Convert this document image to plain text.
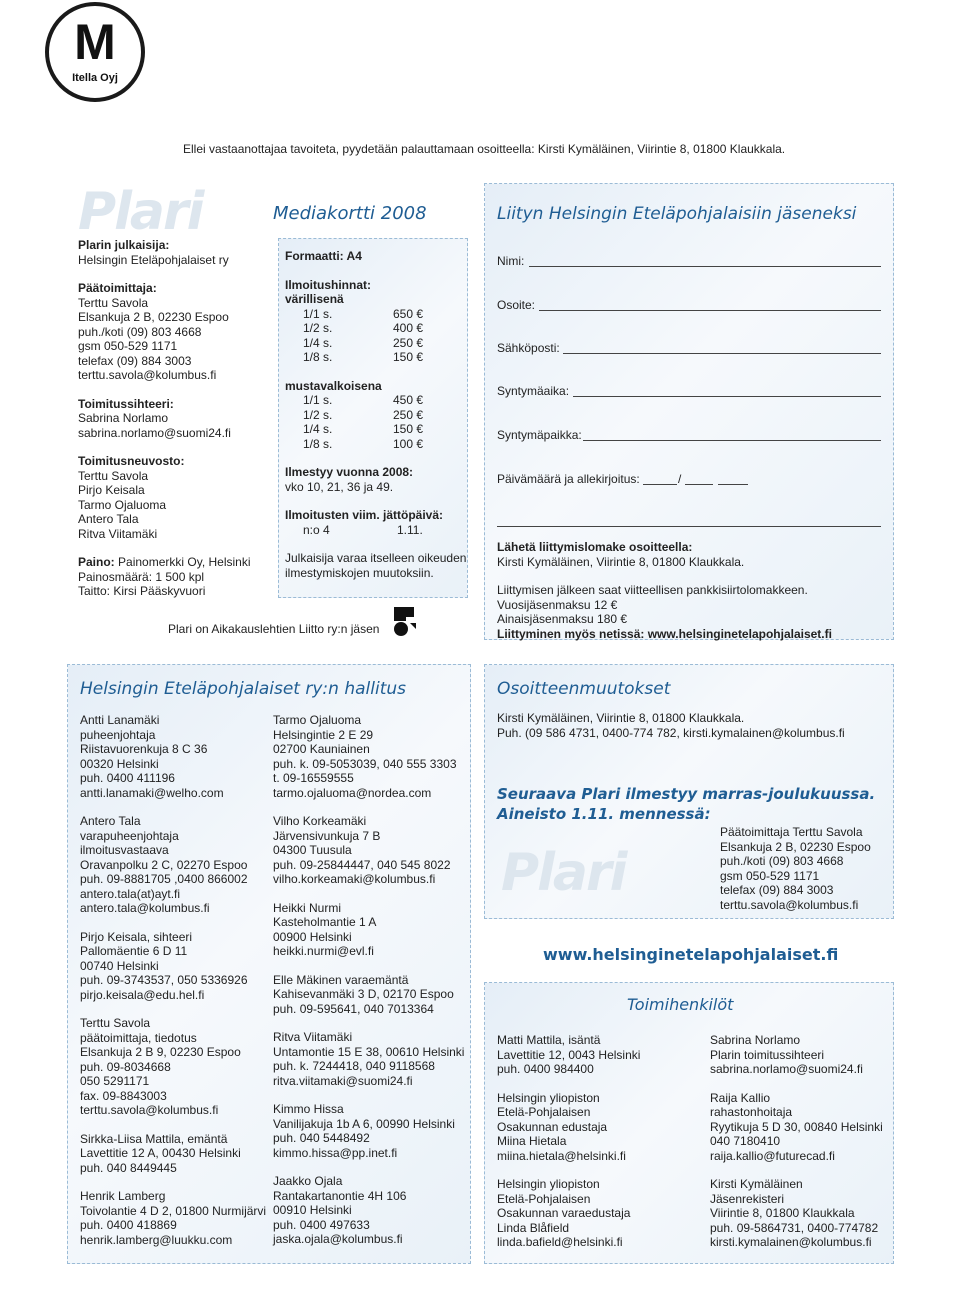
M
Itella Oyj
Ellei vastaanottajaa tavoiteta, pyydetään palauttamaan osoitteella: Kirsti Kymäläinen, Viirintie 8, 01800 Klaukkala.
Plari
Plarin julkaisija:
Helsingin Eteläpohjalaiset ry
Päätoimittaja:
Terttu Savola
Elsankuja 2 B, 02230 Espoo
puh./koti (09) 803 4668
gsm 050-529 1171
telefax (09) 884 3003
terttu.savola@kolumbus.fi
Toimitussihteeri:
Sabrina Norlamo
sabrina.norlamo@suomi24.fi
Toimitusneuvosto:
Terttu Savola
Pirjo Keisala
Tarmo Ojaluoma
Antero Tala
Ritva Viitamäki
Paino: Painomerkki Oy, Helsinki
Painosmäärä: 1 500 kpl
Taitto: Kirsi Pääskyvuori
Mediakortti 2008
Formaatti: A4
Ilmoitushinnat:
värillisenä
1/1 s.	650 €
1/2 s.	400 €
1/4 s.	250 €
1/8 s.	150 €
mustavalkoisena
1/1 s.	450 €
1/2 s.	250 €
1/4 s.	150 €
1/8 s.	100 €
Ilmestyy vuonna 2008:
vko 10, 21, 36 ja 49.
Ilmoitusten viim. jättöpäivä:
n:o 4	1.11.
Julkaisija varaa itselleen oikeuden
ilmestymiskojen muutoksiin.
Plari on Aikakauslehtien Liitto ry:n jäsen
Liityn Helsingin Eteläpohjalaisiin jäseneksi
Nimi:
Osoite:
Sähköposti:
Syntymäaika:
Syntymäpaikka:
Päivämäärä ja allekirjoitus:	/
Lähetä liittymislomake osoitteella:
Kirsti Kymäläinen, Viirintie 8, 01800 Klaukkala.
Liittymisen jälkeen saat viitteellisen pankkisiirtolomakkeen.
Vuosijäsenmaksu 12 €
Ainaisjäsenmaksu 180 €
Liittyminen myös netissä: www.helsinginetelapohjalaiset.fi
Helsingin Eteläpohjalaiset ry:n hallitus
Antti Lanamäki
puheenjohtaja
Riistavuorenkuja 8 C 36
00320 Helsinki
puh. 0400 411196
antti.lanamaki@welho.com
Antero Tala
varapuheenjohtaja
ilmoitusvastaava
Oravanpolku 2 C, 02270 Espoo
puh. 09-8881705 ,0400 866002
antero.tala(at)ayt.fi
antero.tala@kolumbus.fi
Pirjo Keisala, sihteeri
Pallomäentie 6 D 11
00740 Helsinki
puh. 09-3743537, 050 5336926
pirjo.keisala@edu.hel.fi
Terttu Savola
päätoimittaja, tiedotus
Elsankuja 2 B 9, 02230 Espoo
puh. 09-8034668
050 5291171
fax. 09-8843003
terttu.savola@kolumbus.fi
Sirkka-Liisa Mattila, emäntä
Lavettitie 12 A, 00430 Helsinki
puh. 040 8449445
Henrik Lamberg
Toivolantie 4 D 2, 01800 Nurmijärvi
puh. 0400 418869
henrik.lamberg@luukku.com
Tarmo Ojaluoma
Helsingintie 2 E 29
02700 Kauniainen
puh. k. 09-5053039, 040 555 3303
t. 09-16559555
tarmo.ojaluoma@nordea.com
Vilho Korkeamäki
Järvensivunkuja 7 B
04300 Tuusula
puh. 09-25844447, 040 545 8022
vilho.korkeamaki@kolumbus.fi
Heikki Nurmi
Kasteholmantie 1 A
00900 Helsinki
heikki.nurmi@evl.fi
Elle Mäkinen varaemäntä
Kahisevanmäki 3 D, 02170 Espoo
puh. 09-595641, 040 7013364
Ritva Viitamäki
Untamontie 15 E 38, 00610 Helsinki
puh. k. 7244418, 040 9118568
ritva.viitamaki@suomi24.fi
Kimmo Hissa
Vanilijakuja 1b A 6, 00990 Helsinki
puh. 040 5448492
kimmo.hissa@pp.inet.fi
Jaakko Ojala
Rantakartanontie 4H 106
00910 Helsinki
puh. 0400 497633
jaska.ojala@kolumbus.fi
Osoitteenmuutokset
Kirsti Kymäläinen, Viirintie 8, 01800 Klaukkala.
Puh. (09 586 4731, 0400-774 782, kirsti.kymalainen@kolumbus.fi
Seuraava Plari ilmestyy marras-joulukuussa.
Aineisto 1.11. mennessä:
Plari
Päätoimittaja Terttu Savola
Elsankuja 2 B, 02230 Espoo
puh./koti (09) 803 4668
gsm 050-529 1171
telefax (09) 884 3003
terttu.savola@kolumbus.fi
www.helsinginetelapohjalaiset.fi
Toimihenkilöt
Matti Mattila, isäntä
Lavettitie 12, 0043 Helsinki
puh. 0400 984400
Helsingin yliopiston
Etelä-Pohjalaisen
Osakunnan edustaja
Miina Hietala
miina.hietala@helsinki.fi
Helsingin yliopiston
Etelä-Pohjalaisen
Osakunnan varaedustaja
Linda Blåfield
linda.bafield@helsinki.fi
Sabrina Norlamo
Plarin toimitussihteeri
sabrina.norlamo@suomi24.fi
Raija Kallio
rahastonhoitaja
Ryytikuja 5 D 30, 00840 Helsinki
040 7180410
raija.kallio@futurecad.fi
Kirsti Kymäläinen
Jäsenrekisteri
Viirintie 8, 01800 Klaukkala
puh. 09-5864731, 0400-774782
kirsti.kymalainen@kolumbus.fi
